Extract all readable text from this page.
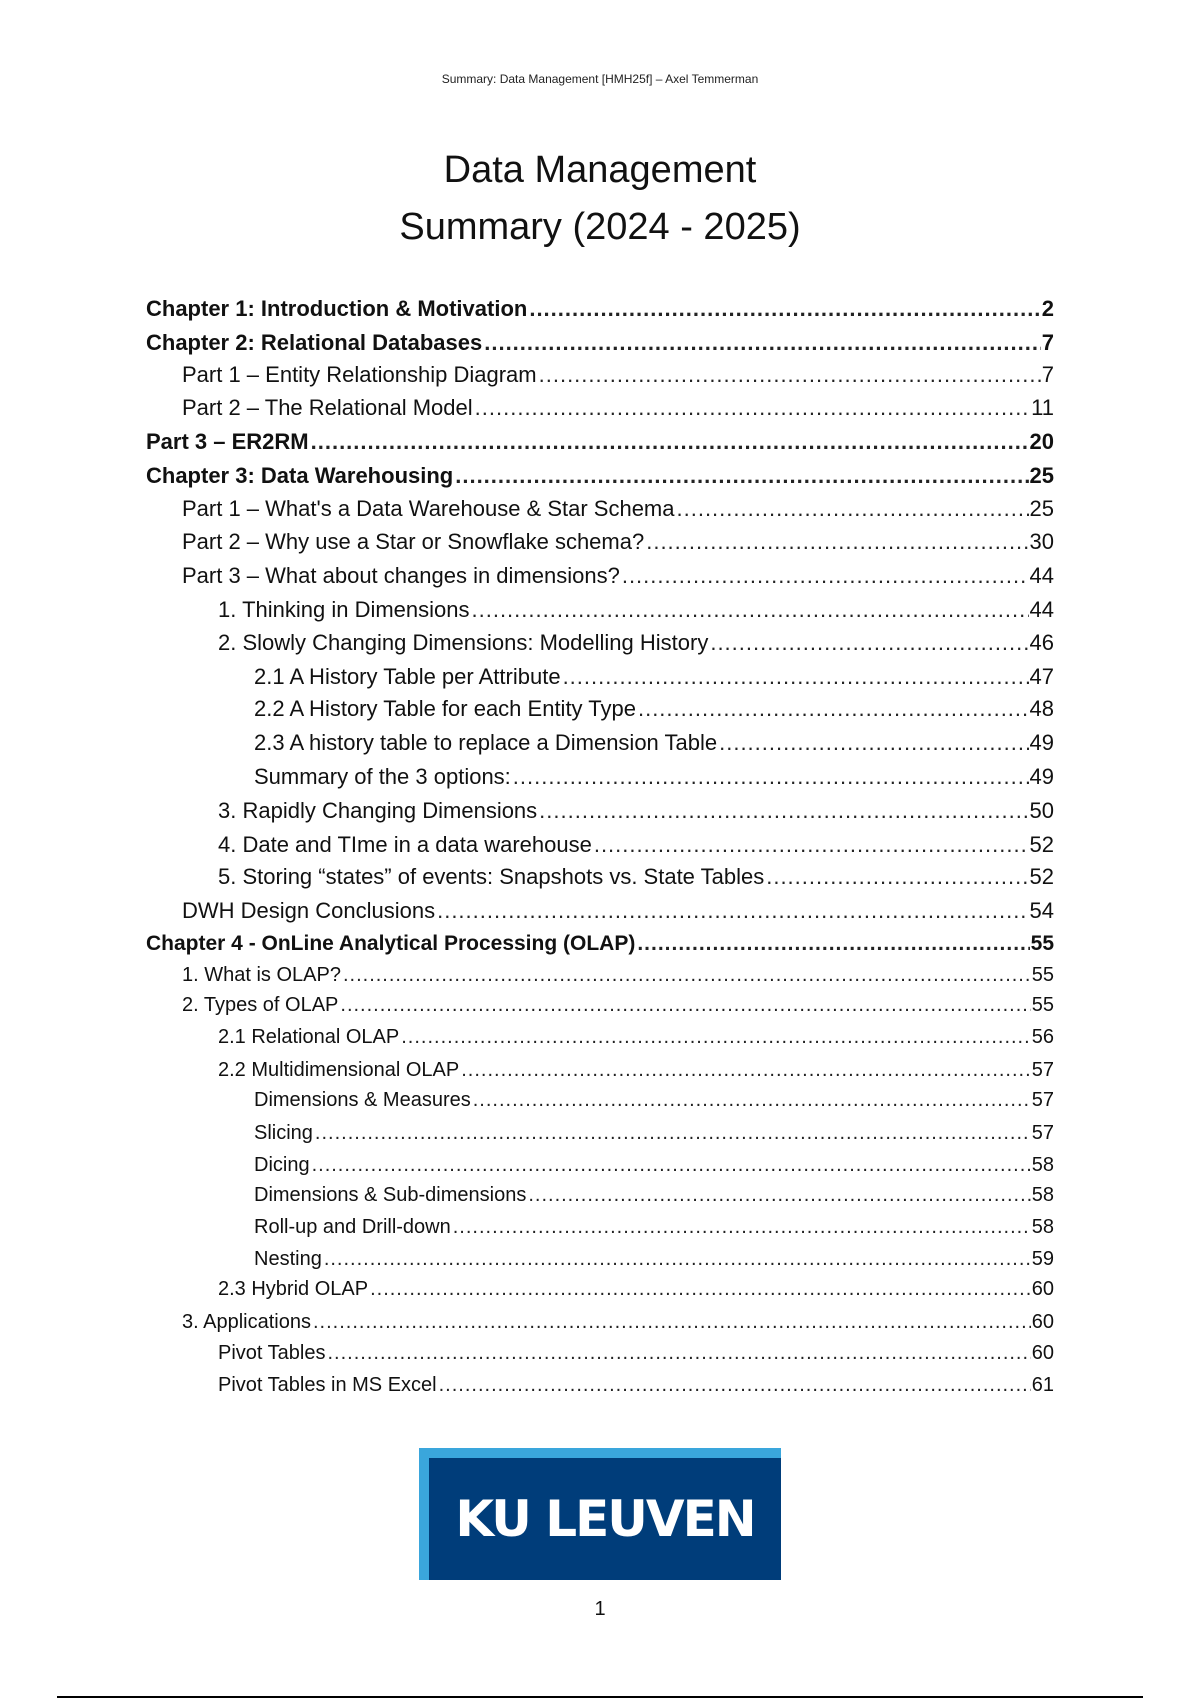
Summary: Data Management [HMH25f] – Axel Temmerman
Data Management
Summary (2024 - 2025)
Chapter 1: Introduction & Motivation .....	2
Chapter 2: Relational Databases .....	7
Part 1 – Entity Relationship Diagram .....	7
Part 2 – The Relational Model .....	11
Part 3 – ER2RM .....	20
Chapter 3: Data Warehousing .....	25
Part 1 – What's a Data Warehouse & Star Schema .....	25
Part 2 – Why use a Star or Snowflake schema? .....	30
Part 3 – What about changes in dimensions? .....	44
1. Thinking in Dimensions .....	44
2. Slowly Changing Dimensions: Modelling History .....	46
2.1 A History Table per Attribute .....	47
2.2 A History Table for each Entity Type .....	48
2.3 A history table to replace a Dimension Table .....	49
Summary of the 3 options: .....	49
3. Rapidly Changing Dimensions .....	50
4. Date and TIme in a data warehouse .....	52
5. Storing “states” of events: Snapshots vs. State Tables .....	52
DWH Design Conclusions .....	54
Chapter 4 - OnLine Analytical Processing (OLAP) .....	55
1. What is OLAP? .....	55
2. Types of OLAP .....	55
2.1 Relational OLAP .....	56
2.2 Multidimensional OLAP .....	57
Dimensions & Measures .....	57
Slicing .....	57
Dicing .....	58
Dimensions & Sub-dimensions .....	58
Roll-up and Drill-down .....	58
Nesting .....	59
2.3 Hybrid OLAP .....	60
3. Applications .....	60
Pivot Tables .....	60
Pivot Tables in MS Excel .....	61
KU LEUVEN
1
